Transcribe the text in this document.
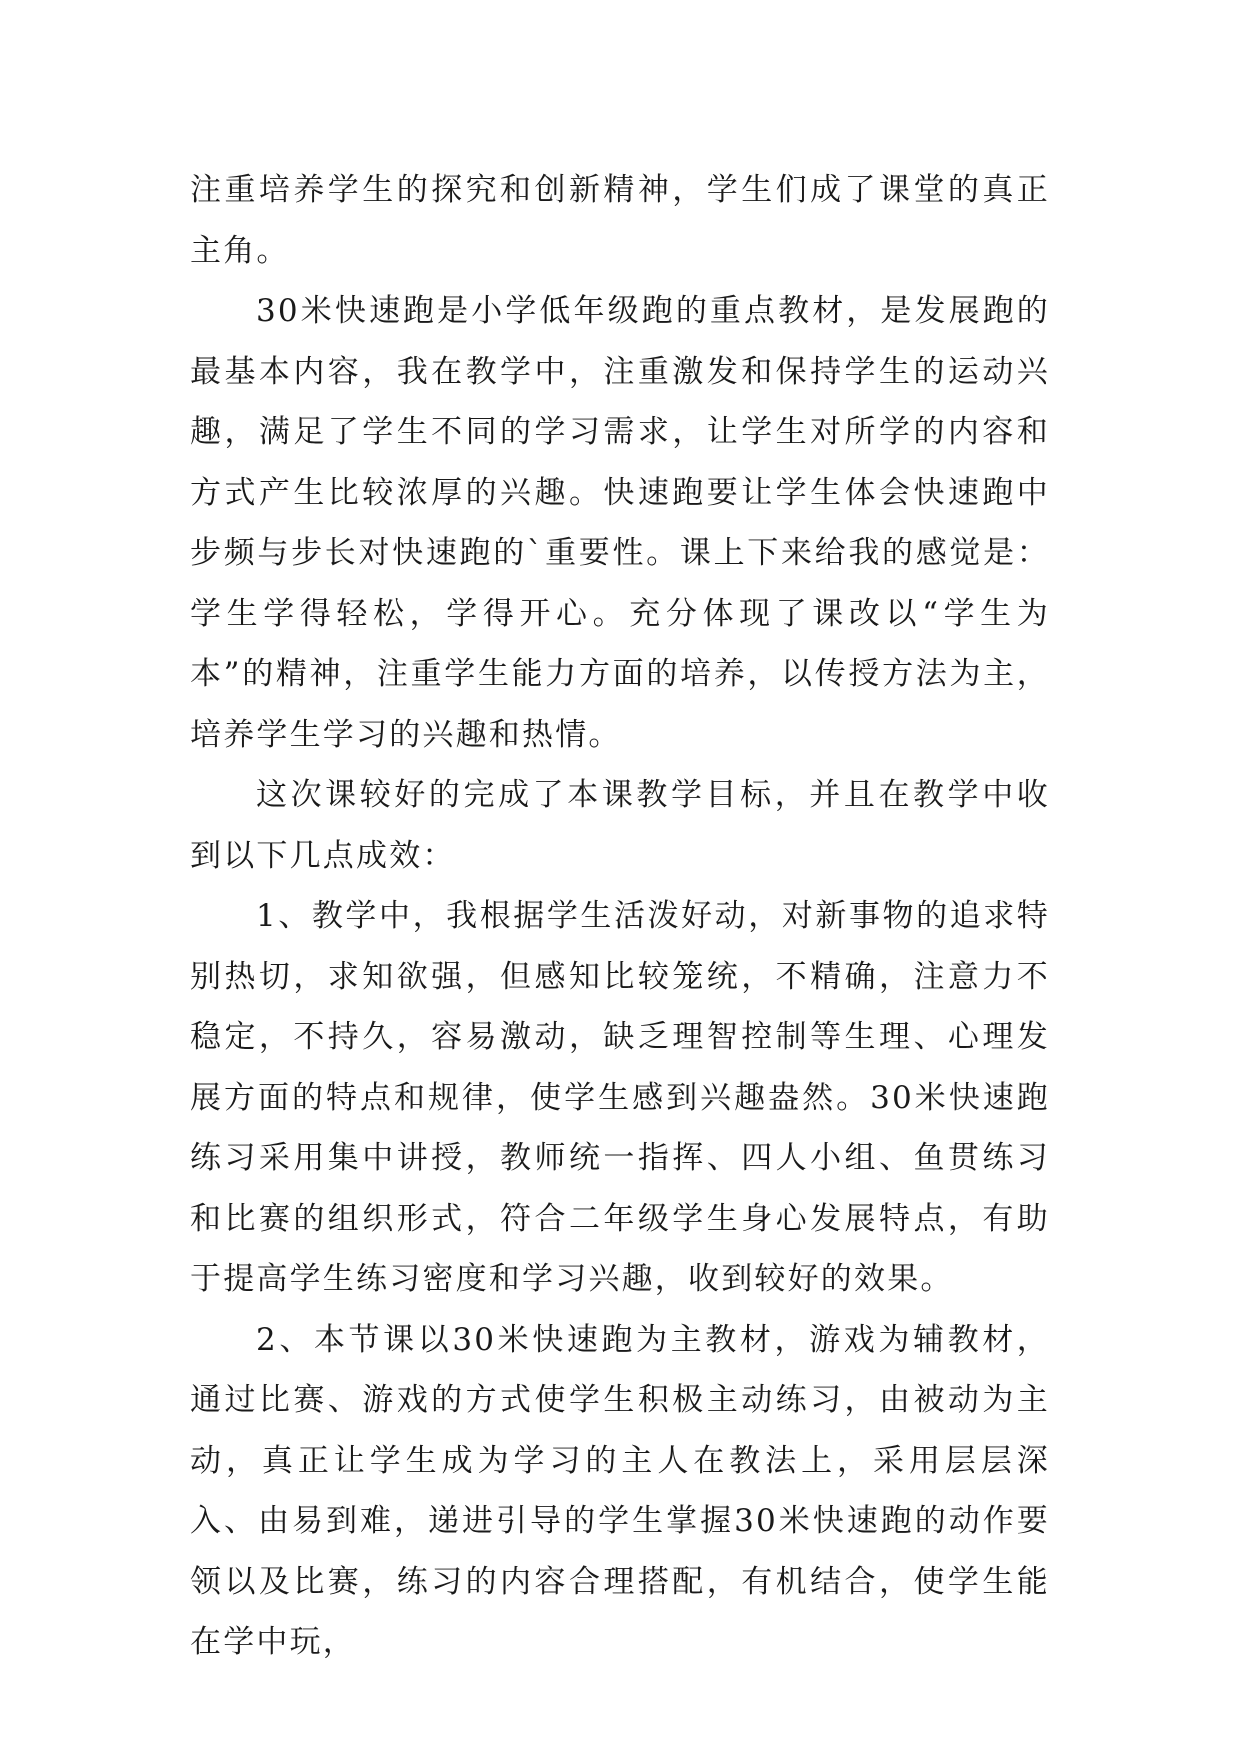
注重培养学生的探究和创新精神，学生们成了课堂的真正主角。

30米快速跑是小学低年级跑的重点教材，是发展跑的最基本内容，我在教学中，注重激发和保持学生的运动兴趣，满足了学生不同的学习需求，让学生对所学的内容和方式产生比较浓厚的兴趣。快速跑要让学生体会快速跑中步频与步长对快速跑的`重要性。课上下来给我的感觉是：学生学得轻松，学得开心。充分体现了课改以“学生为本”的精神，注重学生能力方面的培养，以传授方法为主，培养学生学习的兴趣和热情。

这次课较好的完成了本课教学目标，并且在教学中收到以下几点成效：

1、教学中，我根据学生活泼好动，对新事物的追求特别热切，求知欲强，但感知比较笼统，不精确，注意力不稳定，不持久，容易激动，缺乏理智控制等生理、心理发展方面的特点和规律，使学生感到兴趣盎然。30米快速跑练习采用集中讲授，教师统一指挥、四人小组、鱼贯练习和比赛的组织形式，符合二年级学生身心发展特点，有助于提高学生练习密度和学习兴趣，收到较好的效果。

2、本节课以30米快速跑为主教材，游戏为辅教材，通过比赛、游戏的方式使学生积极主动练习，由被动为主动，真正让学生成为学习的主人在教法上，采用层层深入、由易到难，递进引导的学生掌握30米快速跑的动作要领以及比赛，练习的内容合理搭配，有机结合，使学生能在学中玩，
